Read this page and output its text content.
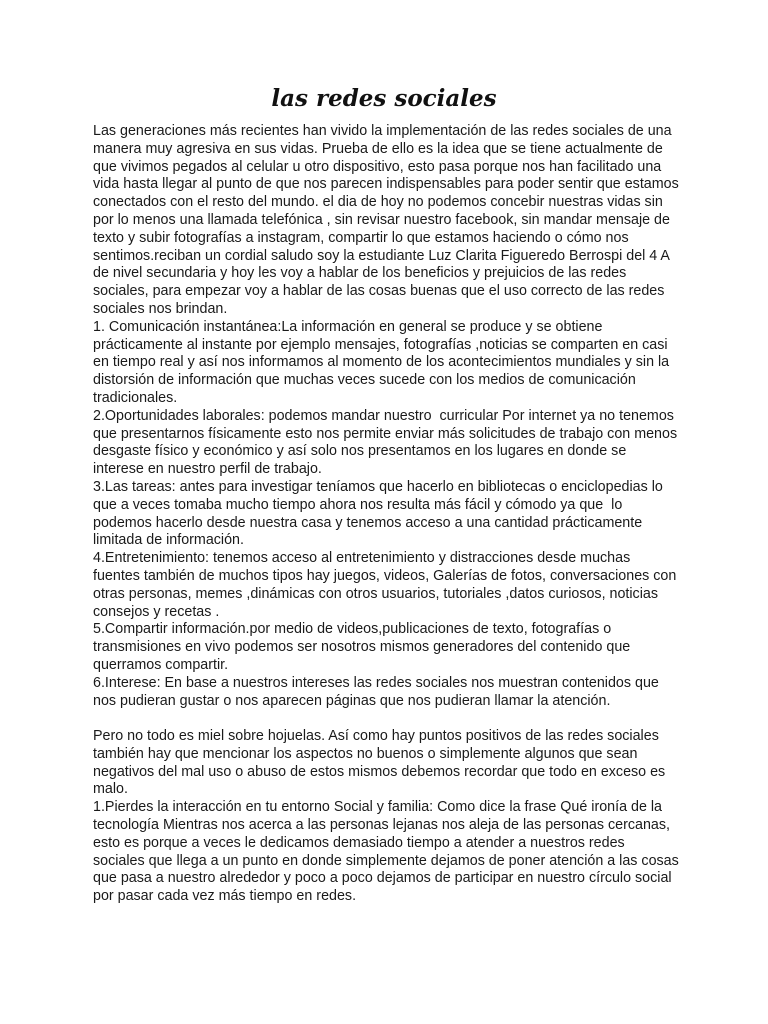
las redes sociales

Las generaciones más recientes han vivido la implementación de las redes sociales de una manera muy agresiva en sus vidas. Prueba de ello es la idea que se tiene actualmente de que vivimos pegados al celular u otro dispositivo, esto pasa porque nos han facilitado una vida hasta llegar al punto de que nos parecen indispensables para poder sentir que estamos conectados con el resto del mundo. el dia de hoy no podemos concebir nuestras vidas sin por lo menos una llamada telefónica , sin revisar nuestro facebook, sin mandar mensaje de texto y subir fotografías a instagram, compartir lo que estamos haciendo o cómo nos sentimos.reciban un cordial saludo soy la estudiante Luz Clarita Figueredo Berrospi del 4 A de nivel secundaria y hoy les voy a hablar de los beneficios y prejuicios de las redes sociales, para empezar voy a hablar de las cosas buenas que el uso correcto de las redes sociales nos brindan.

1. Comunicación instantánea:La información en general se produce y se obtiene prácticamente al instante por ejemplo mensajes, fotografías ,noticias se comparten en casi en tiempo real y así nos informamos al momento de los acontecimientos mundiales y sin la distorsión de información que muchas veces sucede con los medios de comunicación tradicionales.

2.Oportunidades laborales: podemos mandar nuestro  curricular Por internet ya no tenemos que presentarnos físicamente esto nos permite enviar más solicitudes de trabajo con menos desgaste físico y económico y así solo nos presentamos en los lugares en donde se interese en nuestro perfil de trabajo.

3.Las tareas: antes para investigar teníamos que hacerlo en bibliotecas o enciclopedias lo que a veces tomaba mucho tiempo ahora nos resulta más fácil y cómodo ya que  lo podemos hacerlo desde nuestra casa y tenemos acceso a una cantidad prácticamente limitada de información.

4.Entretenimiento: tenemos acceso al entretenimiento y distracciones desde muchas fuentes también de muchos tipos hay juegos, videos, Galerías de fotos, conversaciones con otras personas, memes ,dinámicas con otros usuarios, tutoriales ,datos curiosos, noticias consejos y recetas .

5.Compartir información.por medio de videos,publicaciones de texto, fotografías o transmisiones en vivo podemos ser nosotros mismos generadores del contenido que querramos compartir.

6.Interese: En base a nuestros intereses las redes sociales nos muestran contenidos que nos pudieran gustar o nos aparecen páginas que nos pudieran llamar la atención.

Pero no todo es miel sobre hojuelas. Así como hay puntos positivos de las redes sociales también hay que mencionar los aspectos no buenos o simplemente algunos que sean negativos del mal uso o abuso de estos mismos debemos recordar que todo en exceso es malo.

1.Pierdes la interacción en tu entorno Social y familia: Como dice la frase Qué ironía de la tecnología Mientras nos acerca a las personas lejanas nos aleja de las personas cercanas, esto es porque a veces le dedicamos demasiado tiempo a atender a nuestros redes sociales que llega a un punto en donde simplemente dejamos de poner atención a las cosas que pasa a nuestro alrededor y poco a poco dejamos de participar en nuestro círculo social por pasar cada vez más tiempo en redes.
